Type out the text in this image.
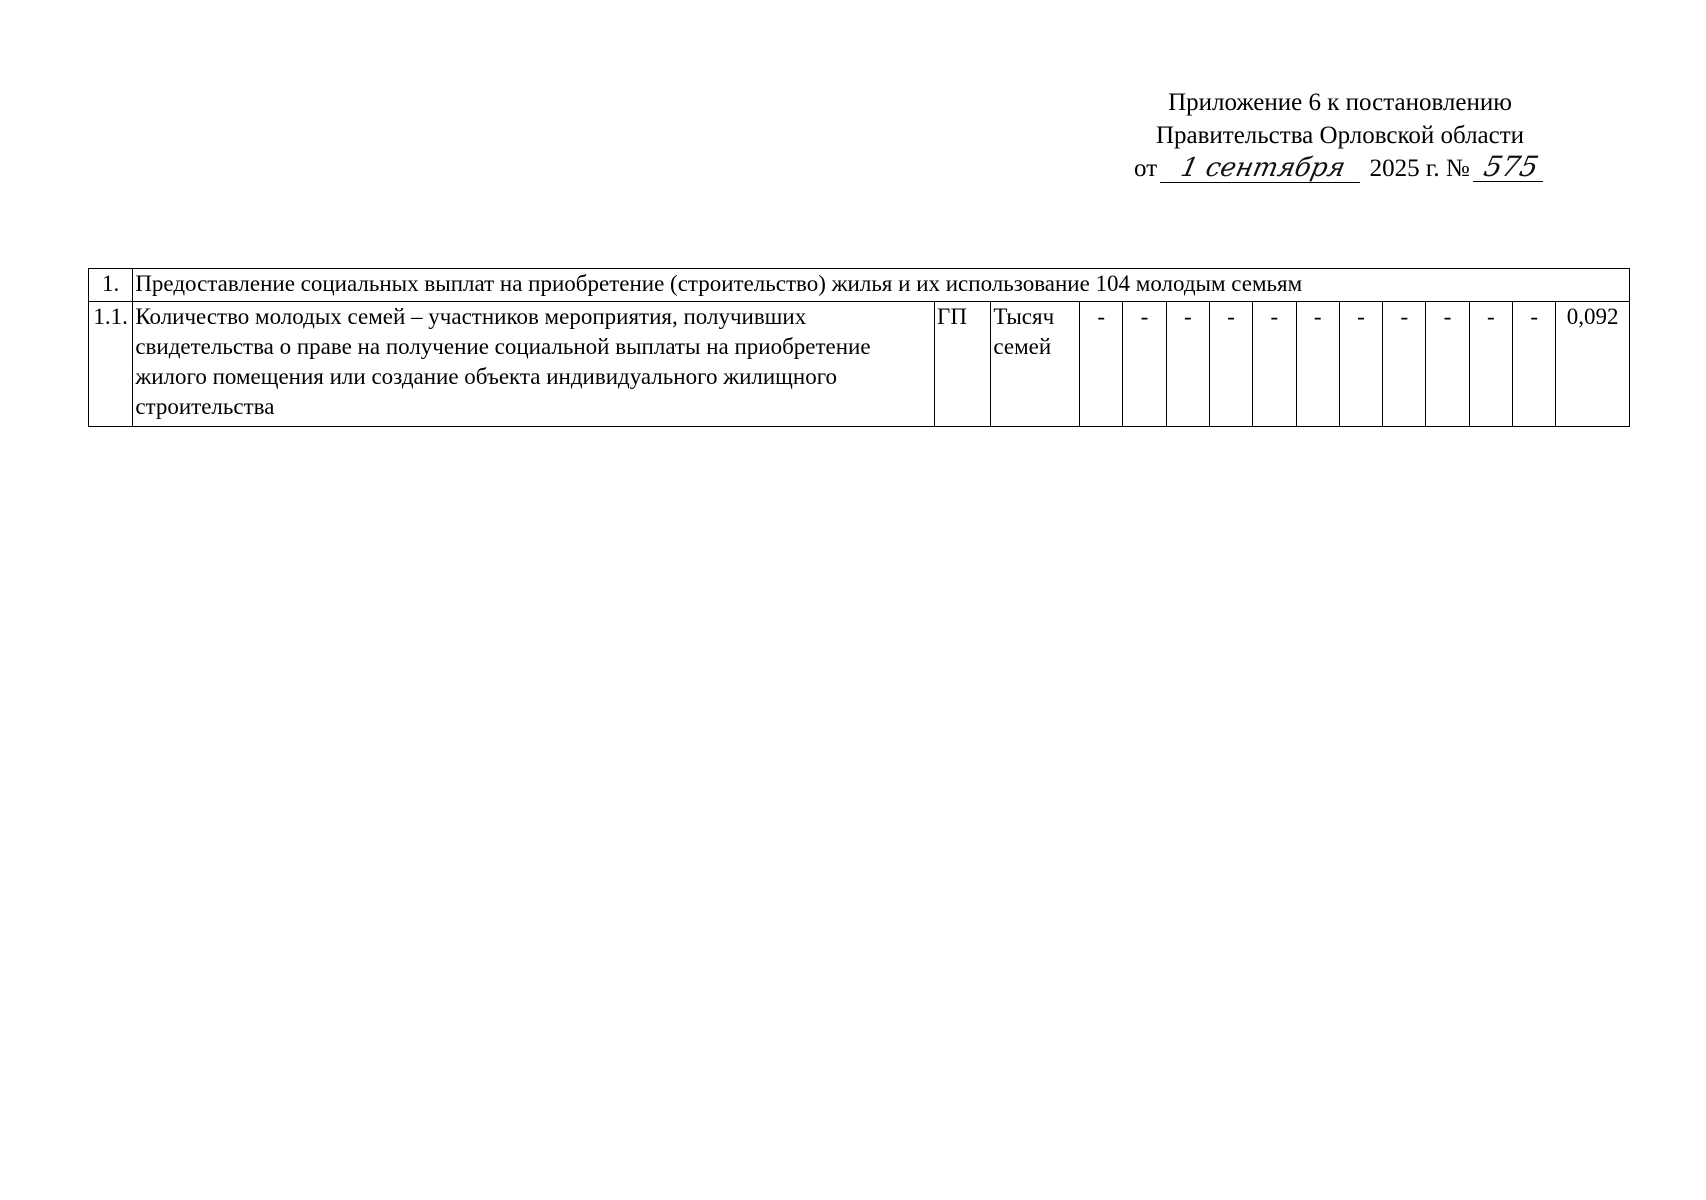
Приложение 6 к постановлению
Правительства Орловской области
от 1 сентября 2025 г. № 575
1.	Предоставление социальных выплат на приобретение (строительство) жилья и их использование 104 молодым семьям														
1.1.	Количество молодых семей – участников мероприятия, получивших свидетельства о праве на получение социальной выплаты на приобретение жилого помещения или создание объекта индивидуального жилищного строительства	ГП	Тысяч семей	-	-	-	-	-	-	-	-	-	-	-	0,092
